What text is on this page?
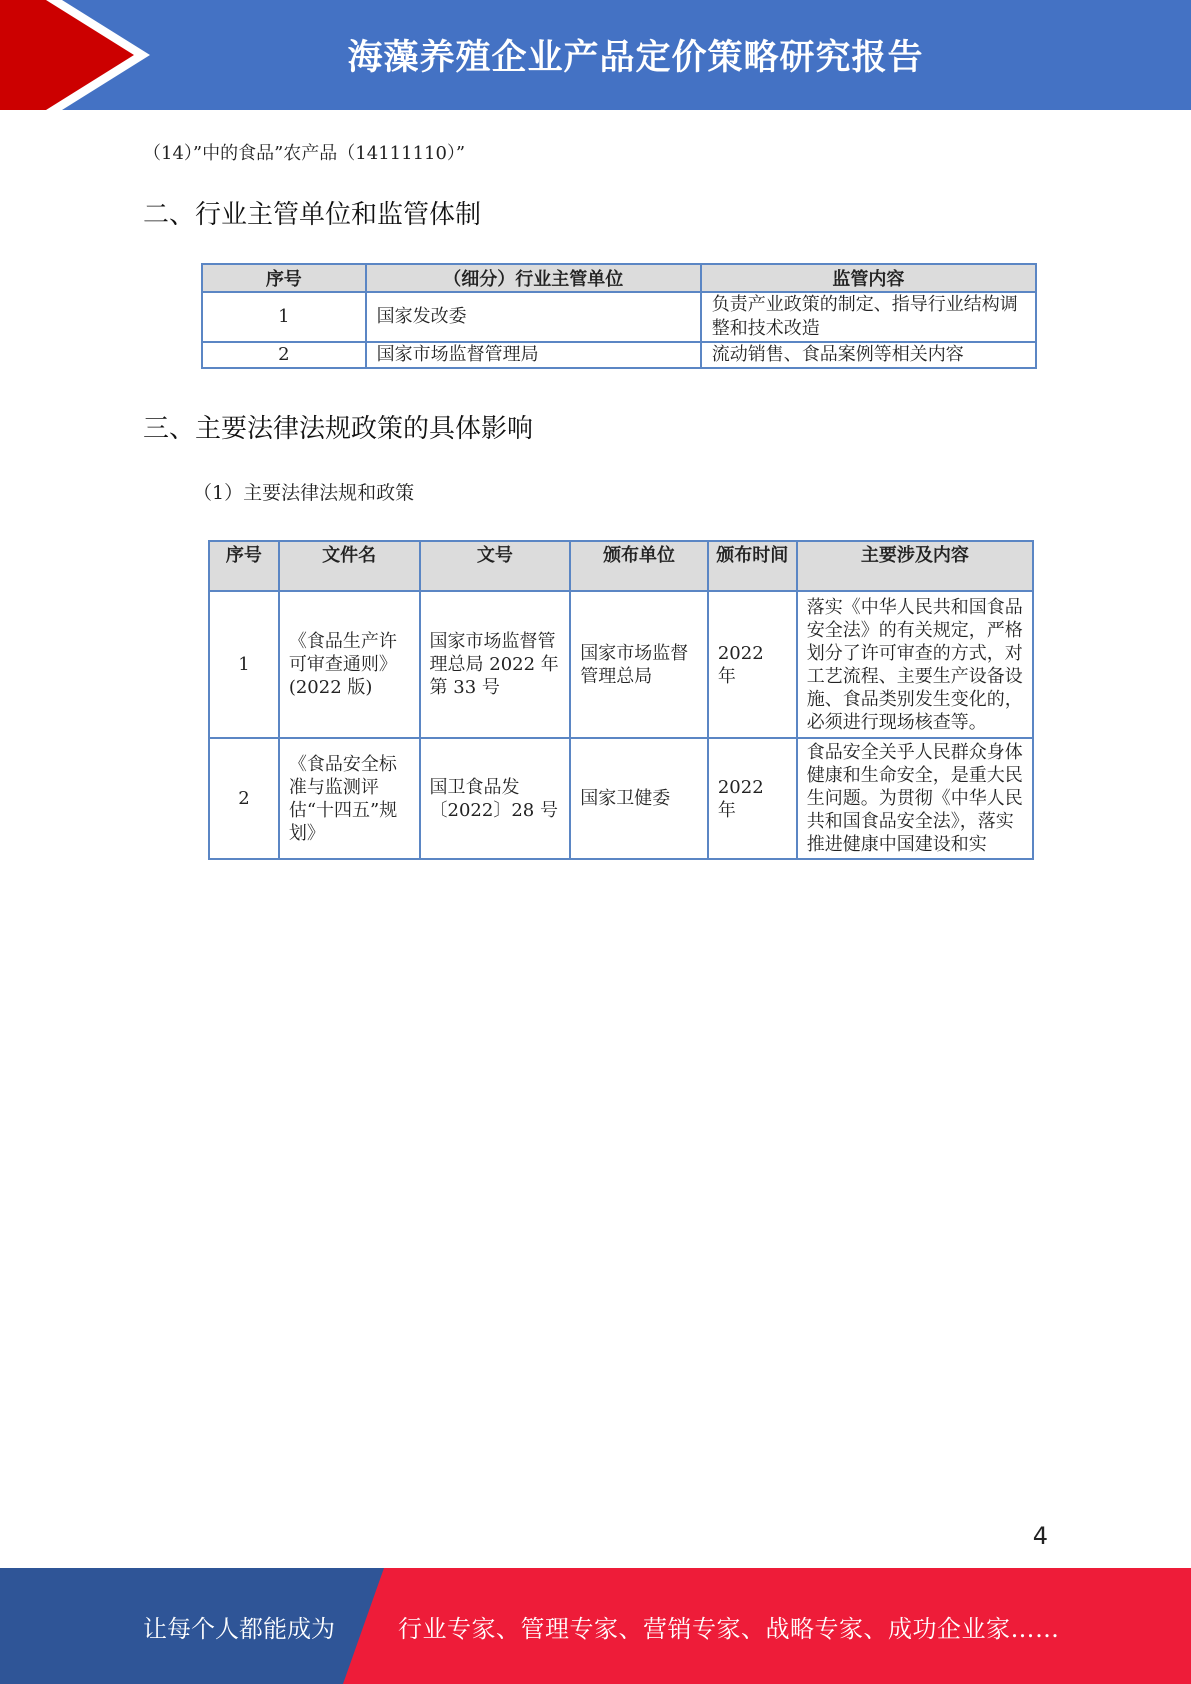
海藻养殖企业产品定价策略研究报告
（14）”中的食品”农产品（14111110）”
二、行业主管单位和监管体制
序号	（细分）行业主管单位	监管内容
1	国家发改委	负责产业政策的制定、指导行业结构调整和技术改造
2	国家市场监督管理局	流动销售、食品案例等相关内容
三、主要法律法规政策的具体影响
（1）主要法律法规和政策
序号	文件名	文号	颁布单位	颁布时间	主要涉及内容
1	《食品生产许可审查通则》(2022 版)	国家市场监督管理总局 2022 年第 33 号	国家市场监督管理总局	2022 年	落实《中华人民共和国食品安全法》的有关规定，严格划分了许可审查的方式，对工艺流程、主要生产设备设施、食品类别发生变化的，必须进行现场核查等。
2	《食品安全标准与监测评估“十四五”规划》	国卫食品发〔2022〕28 号	国家卫健委	2022 年	食品安全关乎人民群众身体健康和生命安全，是重大民生问题。为贯彻《中华人民共和国食品安全法》，落实推进健康中国建设和实
4
让每个人都能成为	行业专家、管理专家、营销专家、战略专家、成功企业家……
